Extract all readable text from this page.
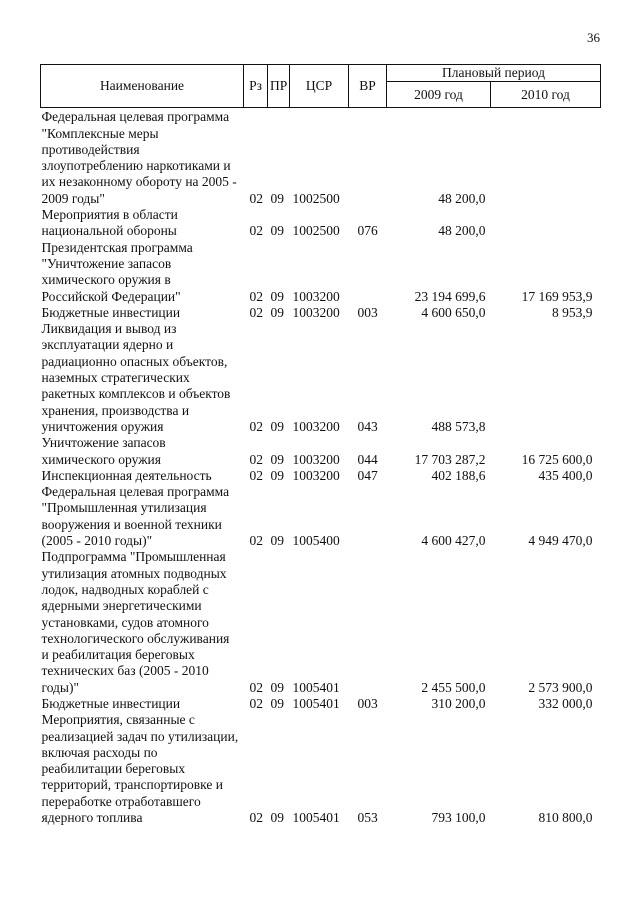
36
Наименование	Рз	ПР	ЦСР	ВР	Плановый период	
					2009 год	2010 год
Федеральная целевая программа "Комплексные меры противодействия злоупотреблению наркотиками и их незаконному обороту на 2005 - 2009 годы"	02	09	1002500		48 200,0	
Мероприятия в области национальной обороны	02	09	1002500	076	48 200,0	
Президентская программа "Уничтожение запасов химического оружия в Российской Федерации"	02	09	1003200		23 194 699,6	17 169 953,9
Бюджетные инвестиции	02	09	1003200	003	4 600 650,0	8 953,9
Ликвидация и вывод из эксплуатации ядерно и радиационно опасных объектов, наземных стратегических ракетных комплексов и объектов хранения, производства и уничтожения оружия	02	09	1003200	043	488 573,8	
Уничтожение запасов химического оружия	02	09	1003200	044	17 703 287,2	16 725 600,0
Инспекционная деятельность	02	09	1003200	047	402 188,6	435 400,0
Федеральная целевая программа "Промышленная утилизация вооружения и военной техники (2005 - 2010 годы)"	02	09	1005400		4 600 427,0	4 949 470,0
Подпрограмма "Промышленная утилизация атомных подводных лодок, надводных кораблей с ядерными энергетическими установками, судов атомного технологического обслуживания и реабилитация береговых технических баз (2005 - 2010 годы)"	02	09	1005401		2 455 500,0	2 573 900,0
Бюджетные инвестиции	02	09	1005401	003	310 200,0	332 000,0
Мероприятия, связанные с реализацией задач по утилизации, включая расходы по реабилитации береговых территорий, транспортировке и переработке отработавшего ядерного топлива	02	09	1005401	053	793 100,0	810 800,0
